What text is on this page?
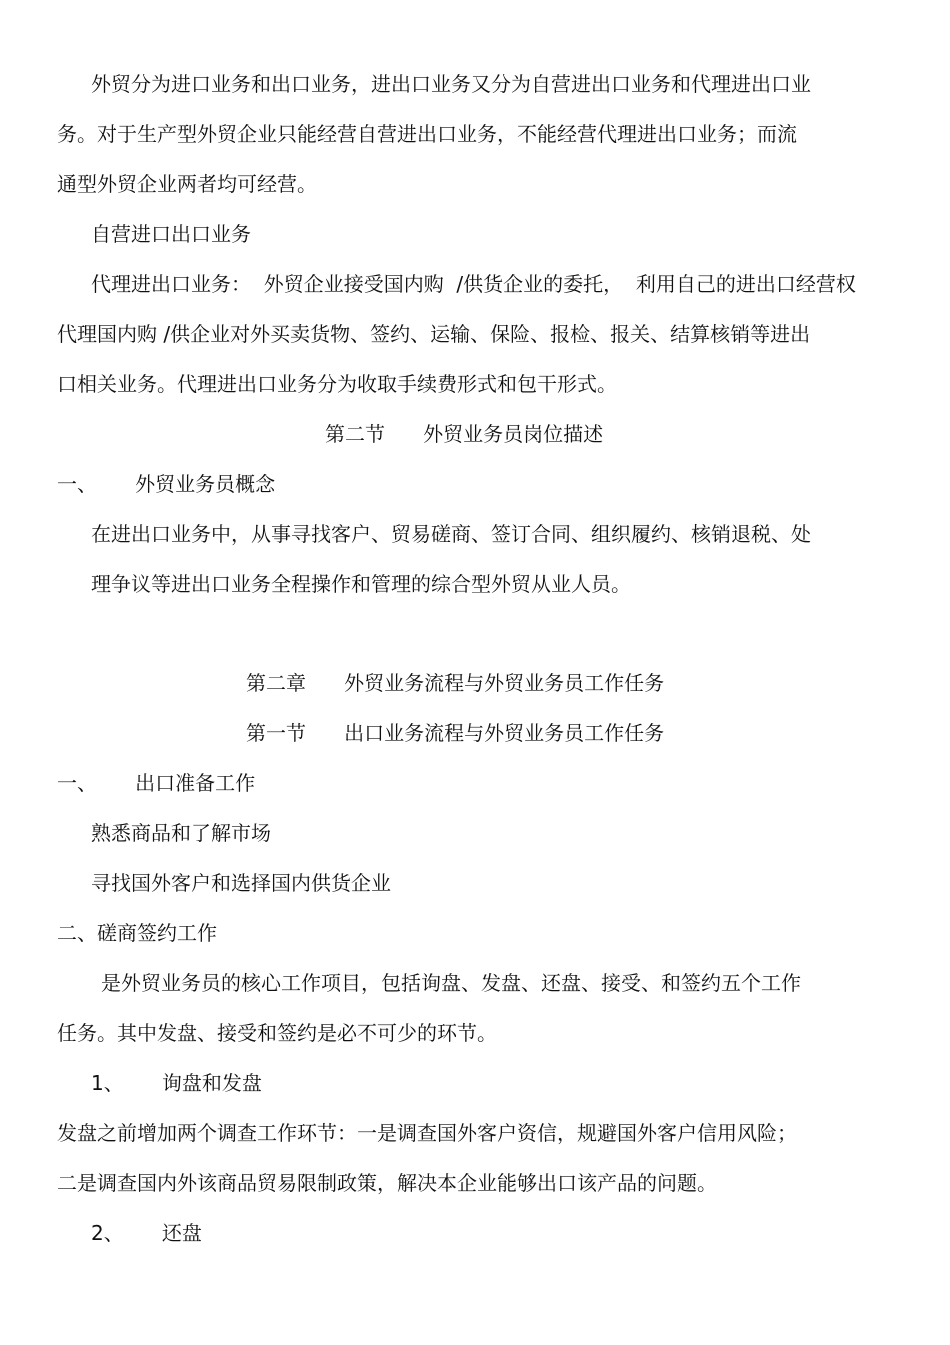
外贸分为进口业务和出口业务，进出口业务又分为自营进出口业务和代理进出口业

务。对于生产型外贸企业只能经营自营进出口业务，不能经营代理进出口业务；而流

通型外贸企业两者均可经营。

自营进口出口业务

代理进出口业务：  外贸企业接受国内购  /供货企业的委托，  利用自己的进出口经营权

代理国内购 /供企业对外买卖货物、签约、运输、保险、报检、报关、结算核销等进出

口相关业务。代理进出口业务分为收取手续费形式和包干形式。

第二节      外贸业务员岗位描述

一、      外贸业务员概念

在进出口业务中，从事寻找客户、贸易磋商、签订合同、组织履约、核销退税、处

理争议等进出口业务全程操作和管理的综合型外贸从业人员。

第二章      外贸业务流程与外贸业务员工作任务

第一节      出口业务流程与外贸业务员工作任务

一、      出口准备工作

熟悉商品和了解市场

寻找国外客户和选择国内供货企业

二、磋商签约工作

是外贸业务员的核心工作项目，包括询盘、发盘、还盘、接受、和签约五个工作

任务。其中发盘、接受和签约是必不可少的环节。

1、      询盘和发盘

发盘之前增加两个调查工作环节：一是调查国外客户资信，规避国外客户信用风险；

二是调查国内外该商品贸易限制政策，解决本企业能够出口该产品的问题。

2、      还盘
